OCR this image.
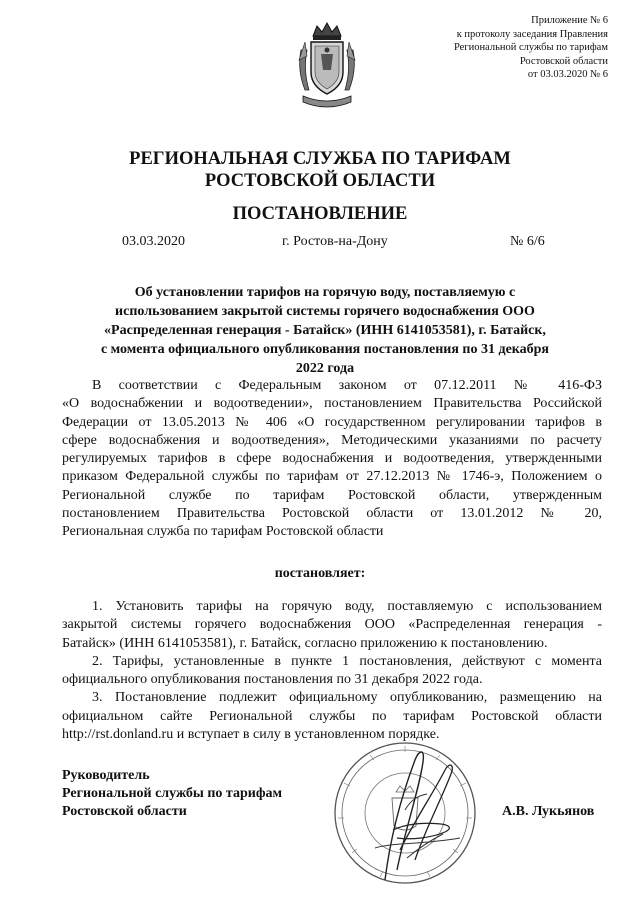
Приложение № 6
к протоколу заседания Правления
Региональной службы по тарифам
Ростовской области
от 03.03.2020 № 6
РЕГИОНАЛЬНАЯ СЛУЖБА ПО ТАРИФАМ
РОСТОВСКОЙ ОБЛАСТИ
ПОСТАНОВЛЕНИЕ
03.03.2020	г. Ростов-на-Дону	№ 6/6
Об установлении тарифов на горячую воду, поставляемую с
использованием закрытой системы горячего водоснабжения ООО
«Распределенная генерация - Батайск» (ИНН 6141053581), г. Батайск,
с момента официального опубликования постановления по 31 декабря
2022 года
В соответствии с Федеральным законом от 07.12.2011 № 416-ФЗ
«О водоснабжении и водоотведении», постановлением Правительства Российской
Федерации от 13.05.2013 № 406 «О государственном регулировании тарифов в
сфере водоснабжения и водоотведения», Методическими указаниями по расчету
регулируемых тарифов в сфере водоснабжения и водоотведения, утвержденными
приказом Федеральной службы по тарифам от 27.12.2013 № 1746-э, Положением о
Региональной службе по тарифам Ростовской области, утвержденным
постановлением Правительства Ростовской области от 13.01.2012 № 20,
Региональная служба по тарифам Ростовской области
постановляет:
1. Установить тарифы на горячую воду, поставляемую с использованием
закрытой системы горячего водоснабжения ООО «Распределенная генерация -
Батайск» (ИНН 6141053581), г. Батайск, согласно приложению к постановлению.
2. Тарифы, установленные в пункте 1 постановления, действуют с момента
официального опубликования постановления по 31 декабря 2022 года.
3. Постановление подлежит официальному опубликованию, размещению на
официальном сайте Региональной службы по тарифам Ростовской области
http://rst.donland.ru и вступает в силу в установленном порядке.
Руководитель
Региональной службы по тарифам
Ростовской области	А.В. Лукьянов
